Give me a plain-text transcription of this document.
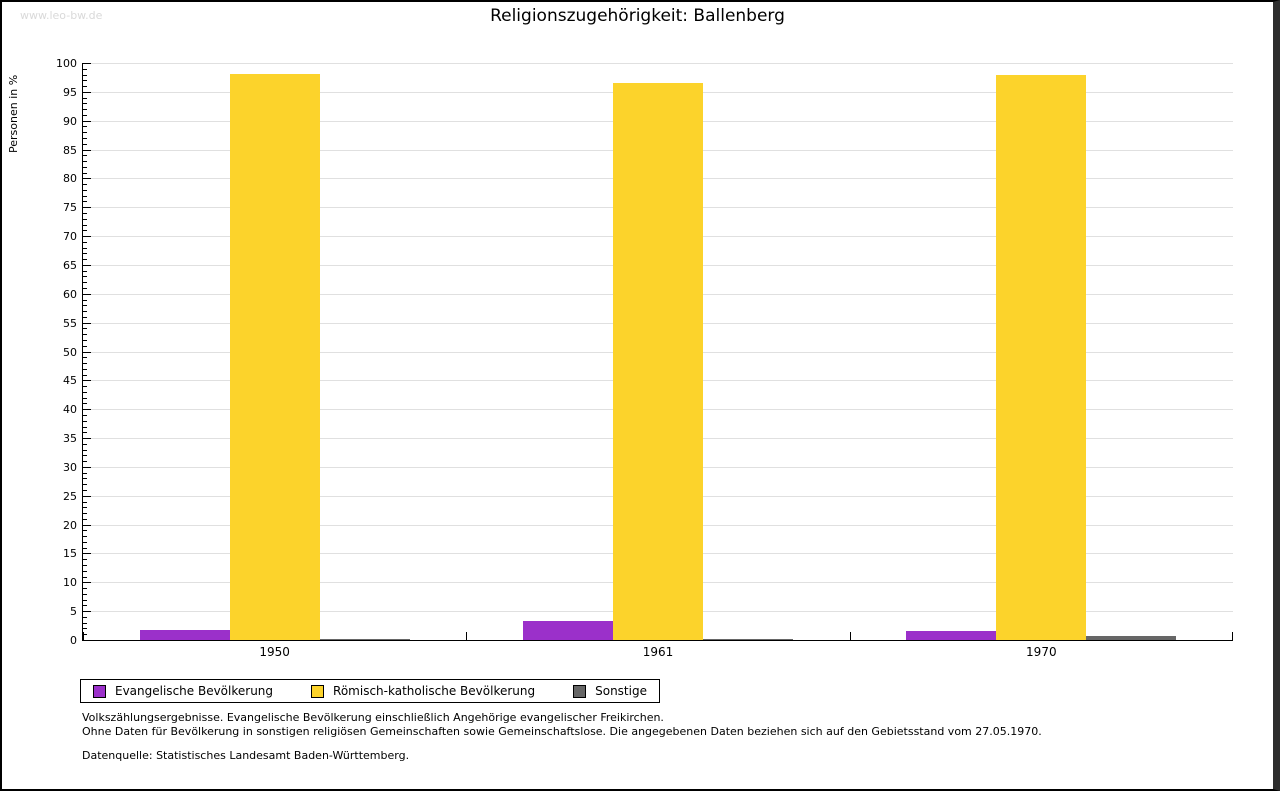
www.leo-bw.de	Religionszugehörigkeit: Ballenberg
Personen in %
0
5
10
15
20
25
30
35
40
45
50
55
60
65
70
75
80
85
90
95
100
1950	1961	1970
Evangelische Bevölkerung	Römisch-katholische Bevölkerung	Sonstige
Volkszählungsergebnisse. Evangelische Bevölkerung einschließlich Angehörige evangelischer Freikirchen.
Ohne Daten für Bevölkerung in sonstigen religiösen Gemeinschaften sowie Gemeinschaftslose. Die angegebenen Daten beziehen sich auf den Gebietsstand vom 27.05.1970.
Datenquelle: Statistisches Landesamt Baden-Württemberg.
